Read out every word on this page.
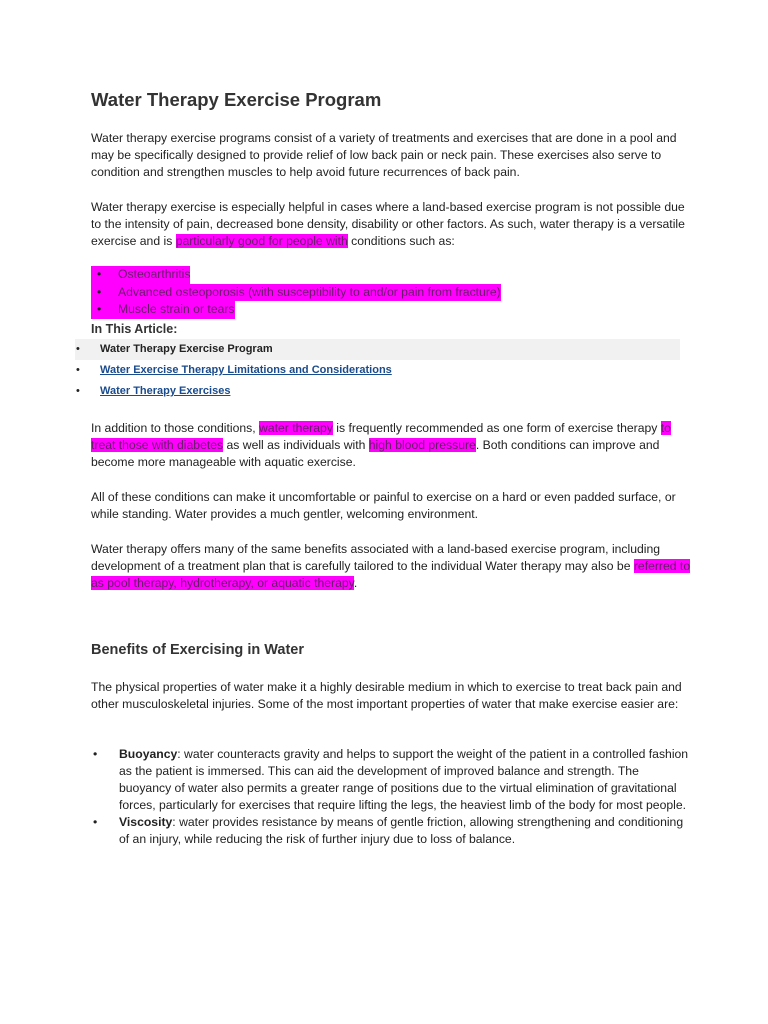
Water Therapy Exercise Program

Water therapy exercise programs consist of a variety of treatments and exercises that are done in a pool and may be specifically designed to provide relief of low back pain or neck pain. These exercises also serve to condition and strengthen muscles to help avoid future recurrences of back pain.

Water therapy exercise is especially helpful in cases where a land-based exercise program is not possible due to the intensity of pain, decreased bone density, disability or other factors. As such, water therapy is a versatile exercise and is particularly good for people with conditions such as:

• Osteoarthritis
• Advanced osteoporosis (with susceptibility to and/or pain from fracture)
• Muscle strain or tears

In This Article:

• Water Therapy Exercise Program
• Water Exercise Therapy Limitations and Considerations
• Water Therapy Exercises

In addition to those conditions, water therapy is frequently recommended as one form of exercise therapy to treat those with diabetes as well as individuals with high blood pressure. Both conditions can improve and become more manageable with aquatic exercise.

All of these conditions can make it uncomfortable or painful to exercise on a hard or even padded surface, or while standing. Water provides a much gentler, welcoming environment.

Water therapy offers many of the same benefits associated with a land-based exercise program, including development of a treatment plan that is carefully tailored to the individual Water therapy may also be referred to as pool therapy, hydrotherapy, or aquatic therapy.

Benefits of Exercising in Water

The physical properties of water make it a highly desirable medium in which to exercise to treat back pain and other musculoskeletal injuries. Some of the most important properties of water that make exercise easier are:

• Buoyancy: water counteracts gravity and helps to support the weight of the patient in a controlled fashion as the patient is immersed. This can aid the development of improved balance and strength. The buoyancy of water also permits a greater range of positions due to the virtual elimination of gravitational forces, particularly for exercises that require lifting the legs, the heaviest limb of the body for most people.
• Viscosity: water provides resistance by means of gentle friction, allowing strengthening and conditioning of an injury, while reducing the risk of further injury due to loss of balance.
